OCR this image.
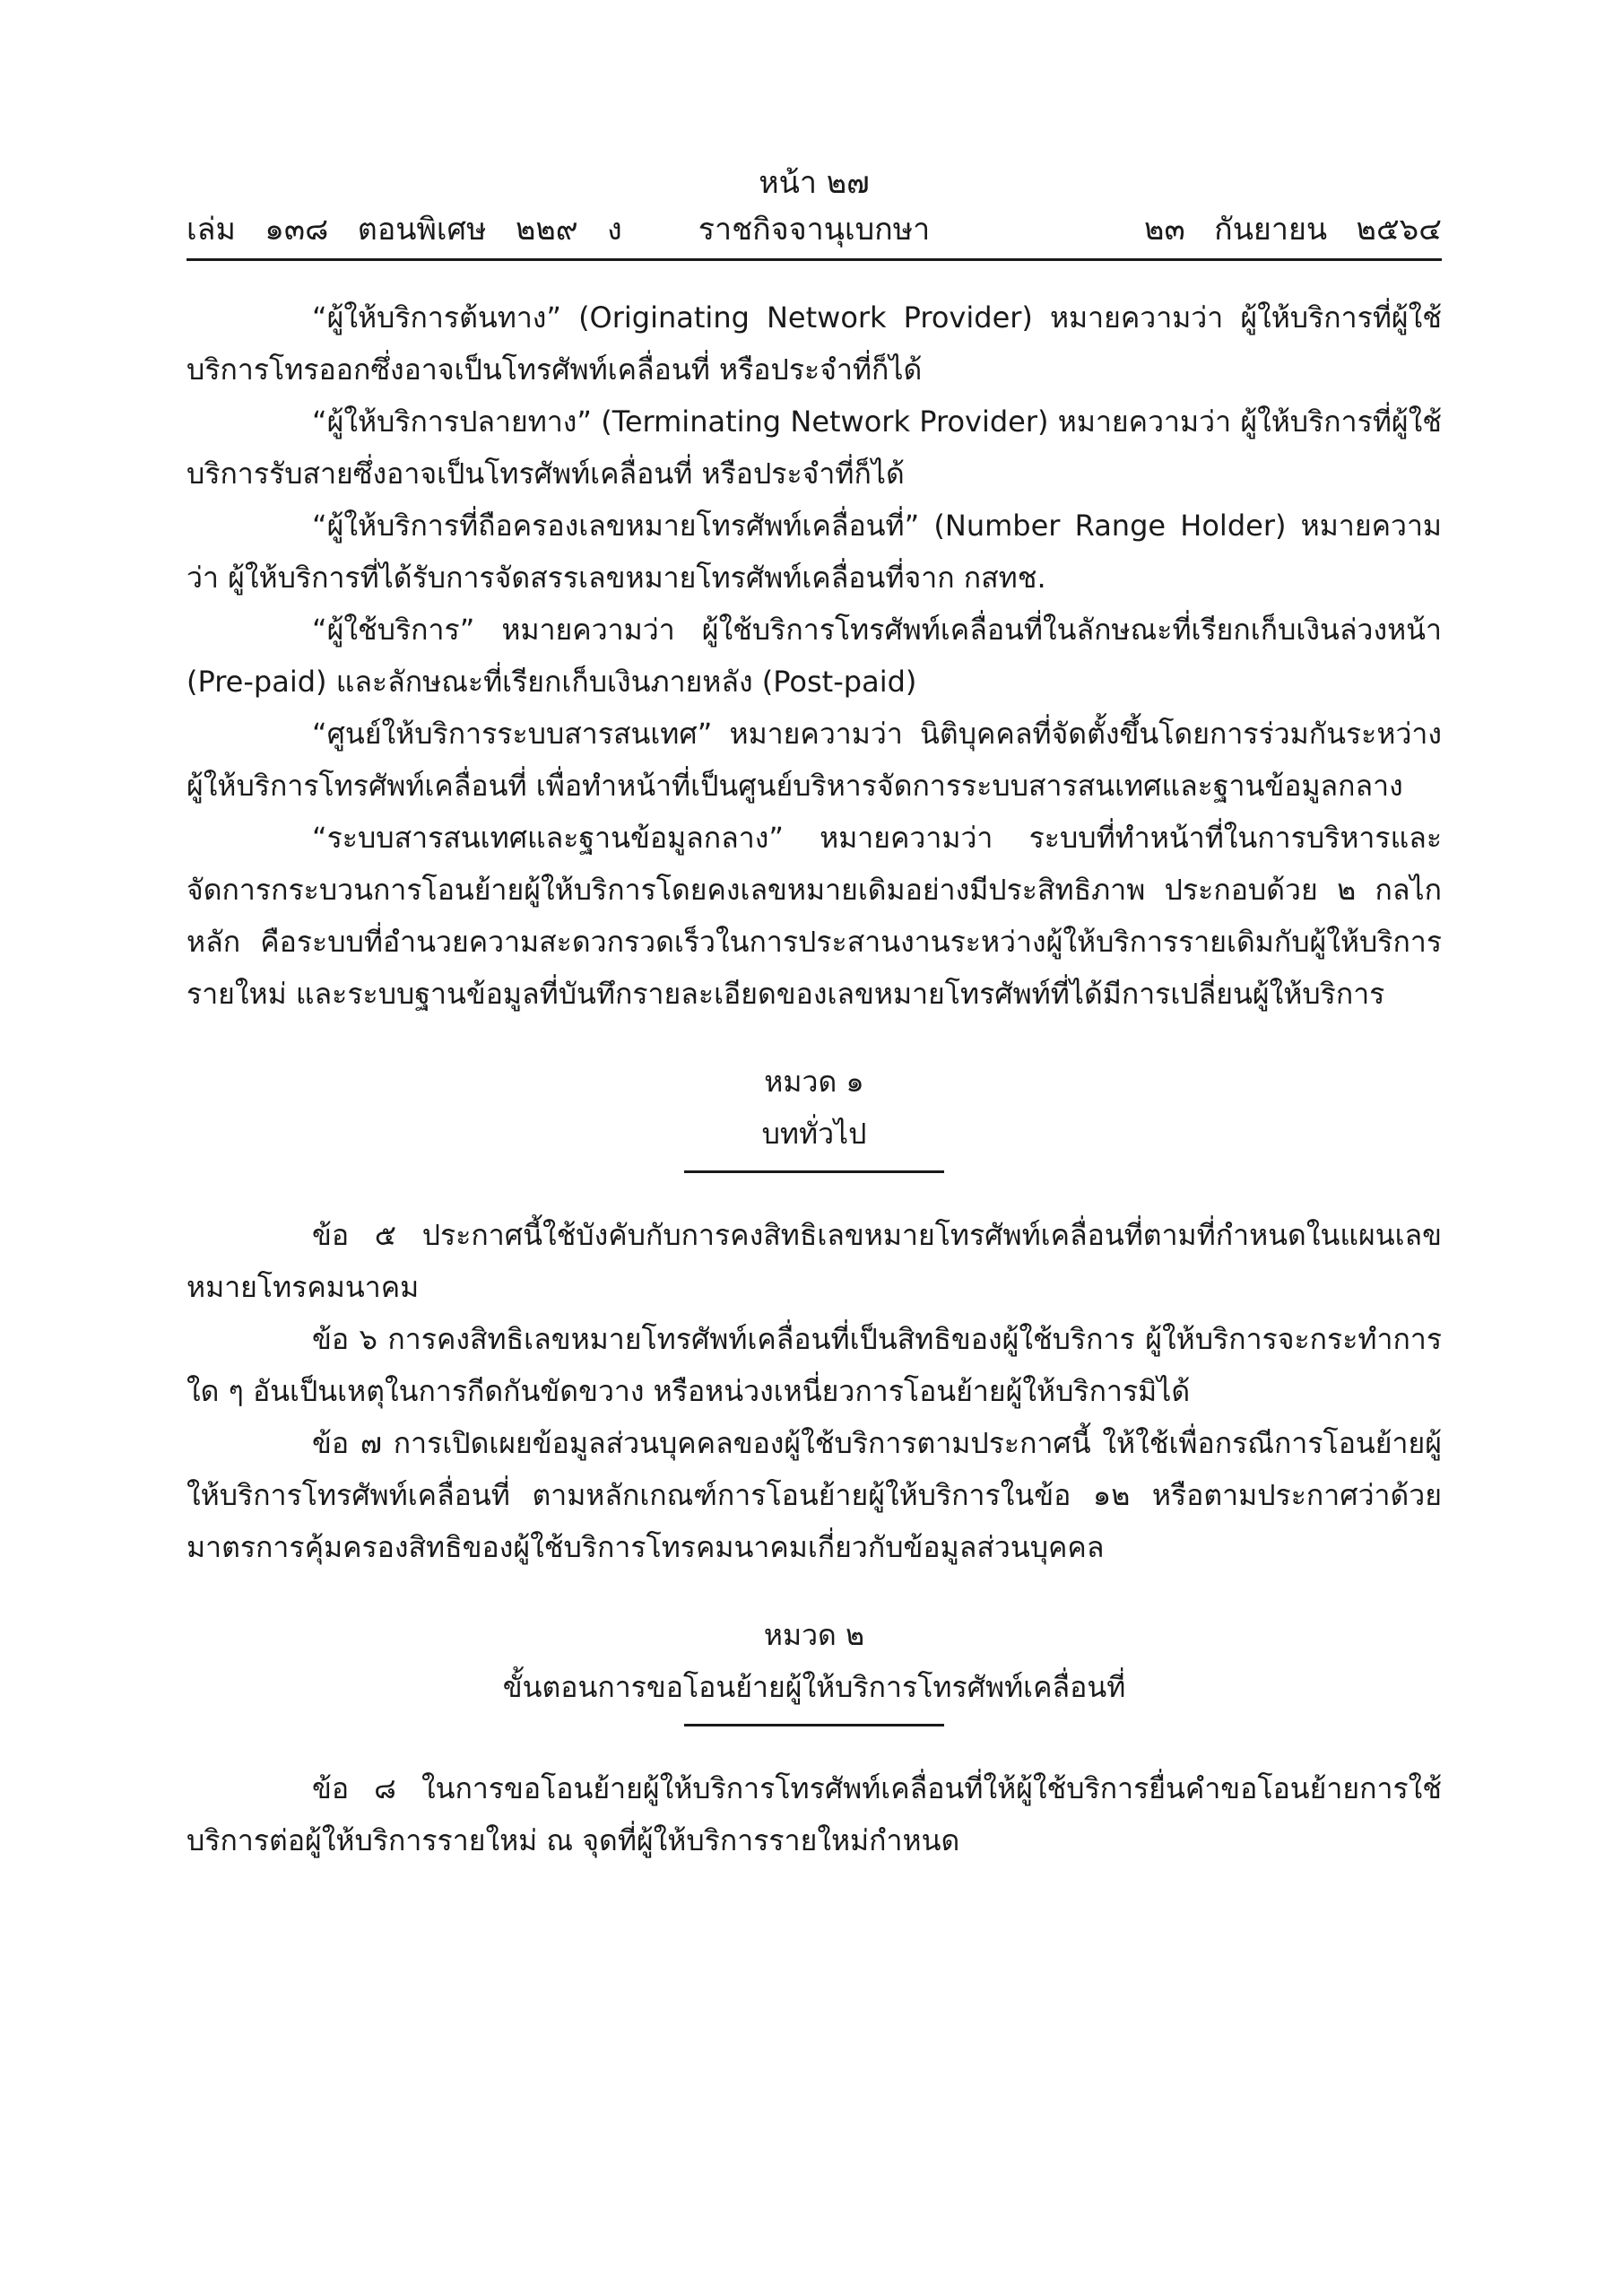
หน้า ๒๗
เล่ม   ๑๓๘   ตอนพิเศษ   ๒๒๙   ง	ราชกิจจานุเบกษา	๒๓   กันยายน   ๒๕๖๔

“ผู้ให้บริการต้นทาง” (Originating Network Provider) หมายความว่า ผู้ให้บริการที่ผู้ใช้บริการโทรออกซึ่งอาจเป็นโทรศัพท์เคลื่อนที่ หรือประจำที่ก็ได้

“ผู้ให้บริการปลายทาง” (Terminating Network Provider) หมายความว่า ผู้ให้บริการที่ผู้ใช้บริการรับสายซึ่งอาจเป็นโทรศัพท์เคลื่อนที่ หรือประจำที่ก็ได้

“ผู้ให้บริการที่ถือครองเลขหมายโทรศัพท์เคลื่อนที่” (Number Range Holder) หมายความว่า ผู้ให้บริการที่ได้รับการจัดสรรเลขหมายโทรศัพท์เคลื่อนที่จาก กสทช.

“ผู้ใช้บริการ” หมายความว่า ผู้ใช้บริการโทรศัพท์เคลื่อนที่ในลักษณะที่เรียกเก็บเงินล่วงหน้า (Pre-paid) และลักษณะที่เรียกเก็บเงินภายหลัง (Post-paid)

“ศูนย์ให้บริการระบบสารสนเทศ” หมายความว่า นิติบุคคลที่จัดตั้งขึ้นโดยการร่วมกันระหว่างผู้ให้บริการโทรศัพท์เคลื่อนที่ เพื่อทำหน้าที่เป็นศูนย์บริหารจัดการระบบสารสนเทศและฐานข้อมูลกลาง

“ระบบสารสนเทศและฐานข้อมูลกลาง” หมายความว่า ระบบที่ทำหน้าที่ในการบริหารและจัดการกระบวนการโอนย้ายผู้ให้บริการโดยคงเลขหมายเดิมอย่างมีประสิทธิภาพ ประกอบด้วย ๒ กลไกหลัก คือระบบที่อำนวยความสะดวกรวดเร็วในการประสานงานระหว่างผู้ให้บริการรายเดิมกับผู้ให้บริการรายใหม่ และระบบฐานข้อมูลที่บันทึกรายละเอียดของเลขหมายโทรศัพท์ที่ได้มีการเปลี่ยนผู้ให้บริการ

หมวด ๑
บททั่วไป

ข้อ ๕ ประกาศนี้ใช้บังคับกับการคงสิทธิเลขหมายโทรศัพท์เคลื่อนที่ตามที่กำหนดในแผนเลขหมายโทรคมนาคม

ข้อ ๖ การคงสิทธิเลขหมายโทรศัพท์เคลื่อนที่เป็นสิทธิของผู้ใช้บริการ ผู้ให้บริการจะกระทำการใด ๆ อันเป็นเหตุในการกีดกันขัดขวาง หรือหน่วงเหนี่ยวการโอนย้ายผู้ให้บริการมิได้

ข้อ ๗ การเปิดเผยข้อมูลส่วนบุคคลของผู้ใช้บริการตามประกาศนี้ ให้ใช้เพื่อกรณีการโอนย้ายผู้ให้บริการโทรศัพท์เคลื่อนที่ ตามหลักเกณฑ์การโอนย้ายผู้ให้บริการในข้อ ๑๒ หรือตามประกาศว่าด้วยมาตรการคุ้มครองสิทธิของผู้ใช้บริการโทรคมนาคมเกี่ยวกับข้อมูลส่วนบุคคล

หมวด ๒
ขั้นตอนการขอโอนย้ายผู้ให้บริการโทรศัพท์เคลื่อนที่

ข้อ ๘ ในการขอโอนย้ายผู้ให้บริการโทรศัพท์เคลื่อนที่ให้ผู้ใช้บริการยื่นคำขอโอนย้ายการใช้บริการต่อผู้ให้บริการรายใหม่ ณ จุดที่ผู้ให้บริการรายใหม่กำหนด
